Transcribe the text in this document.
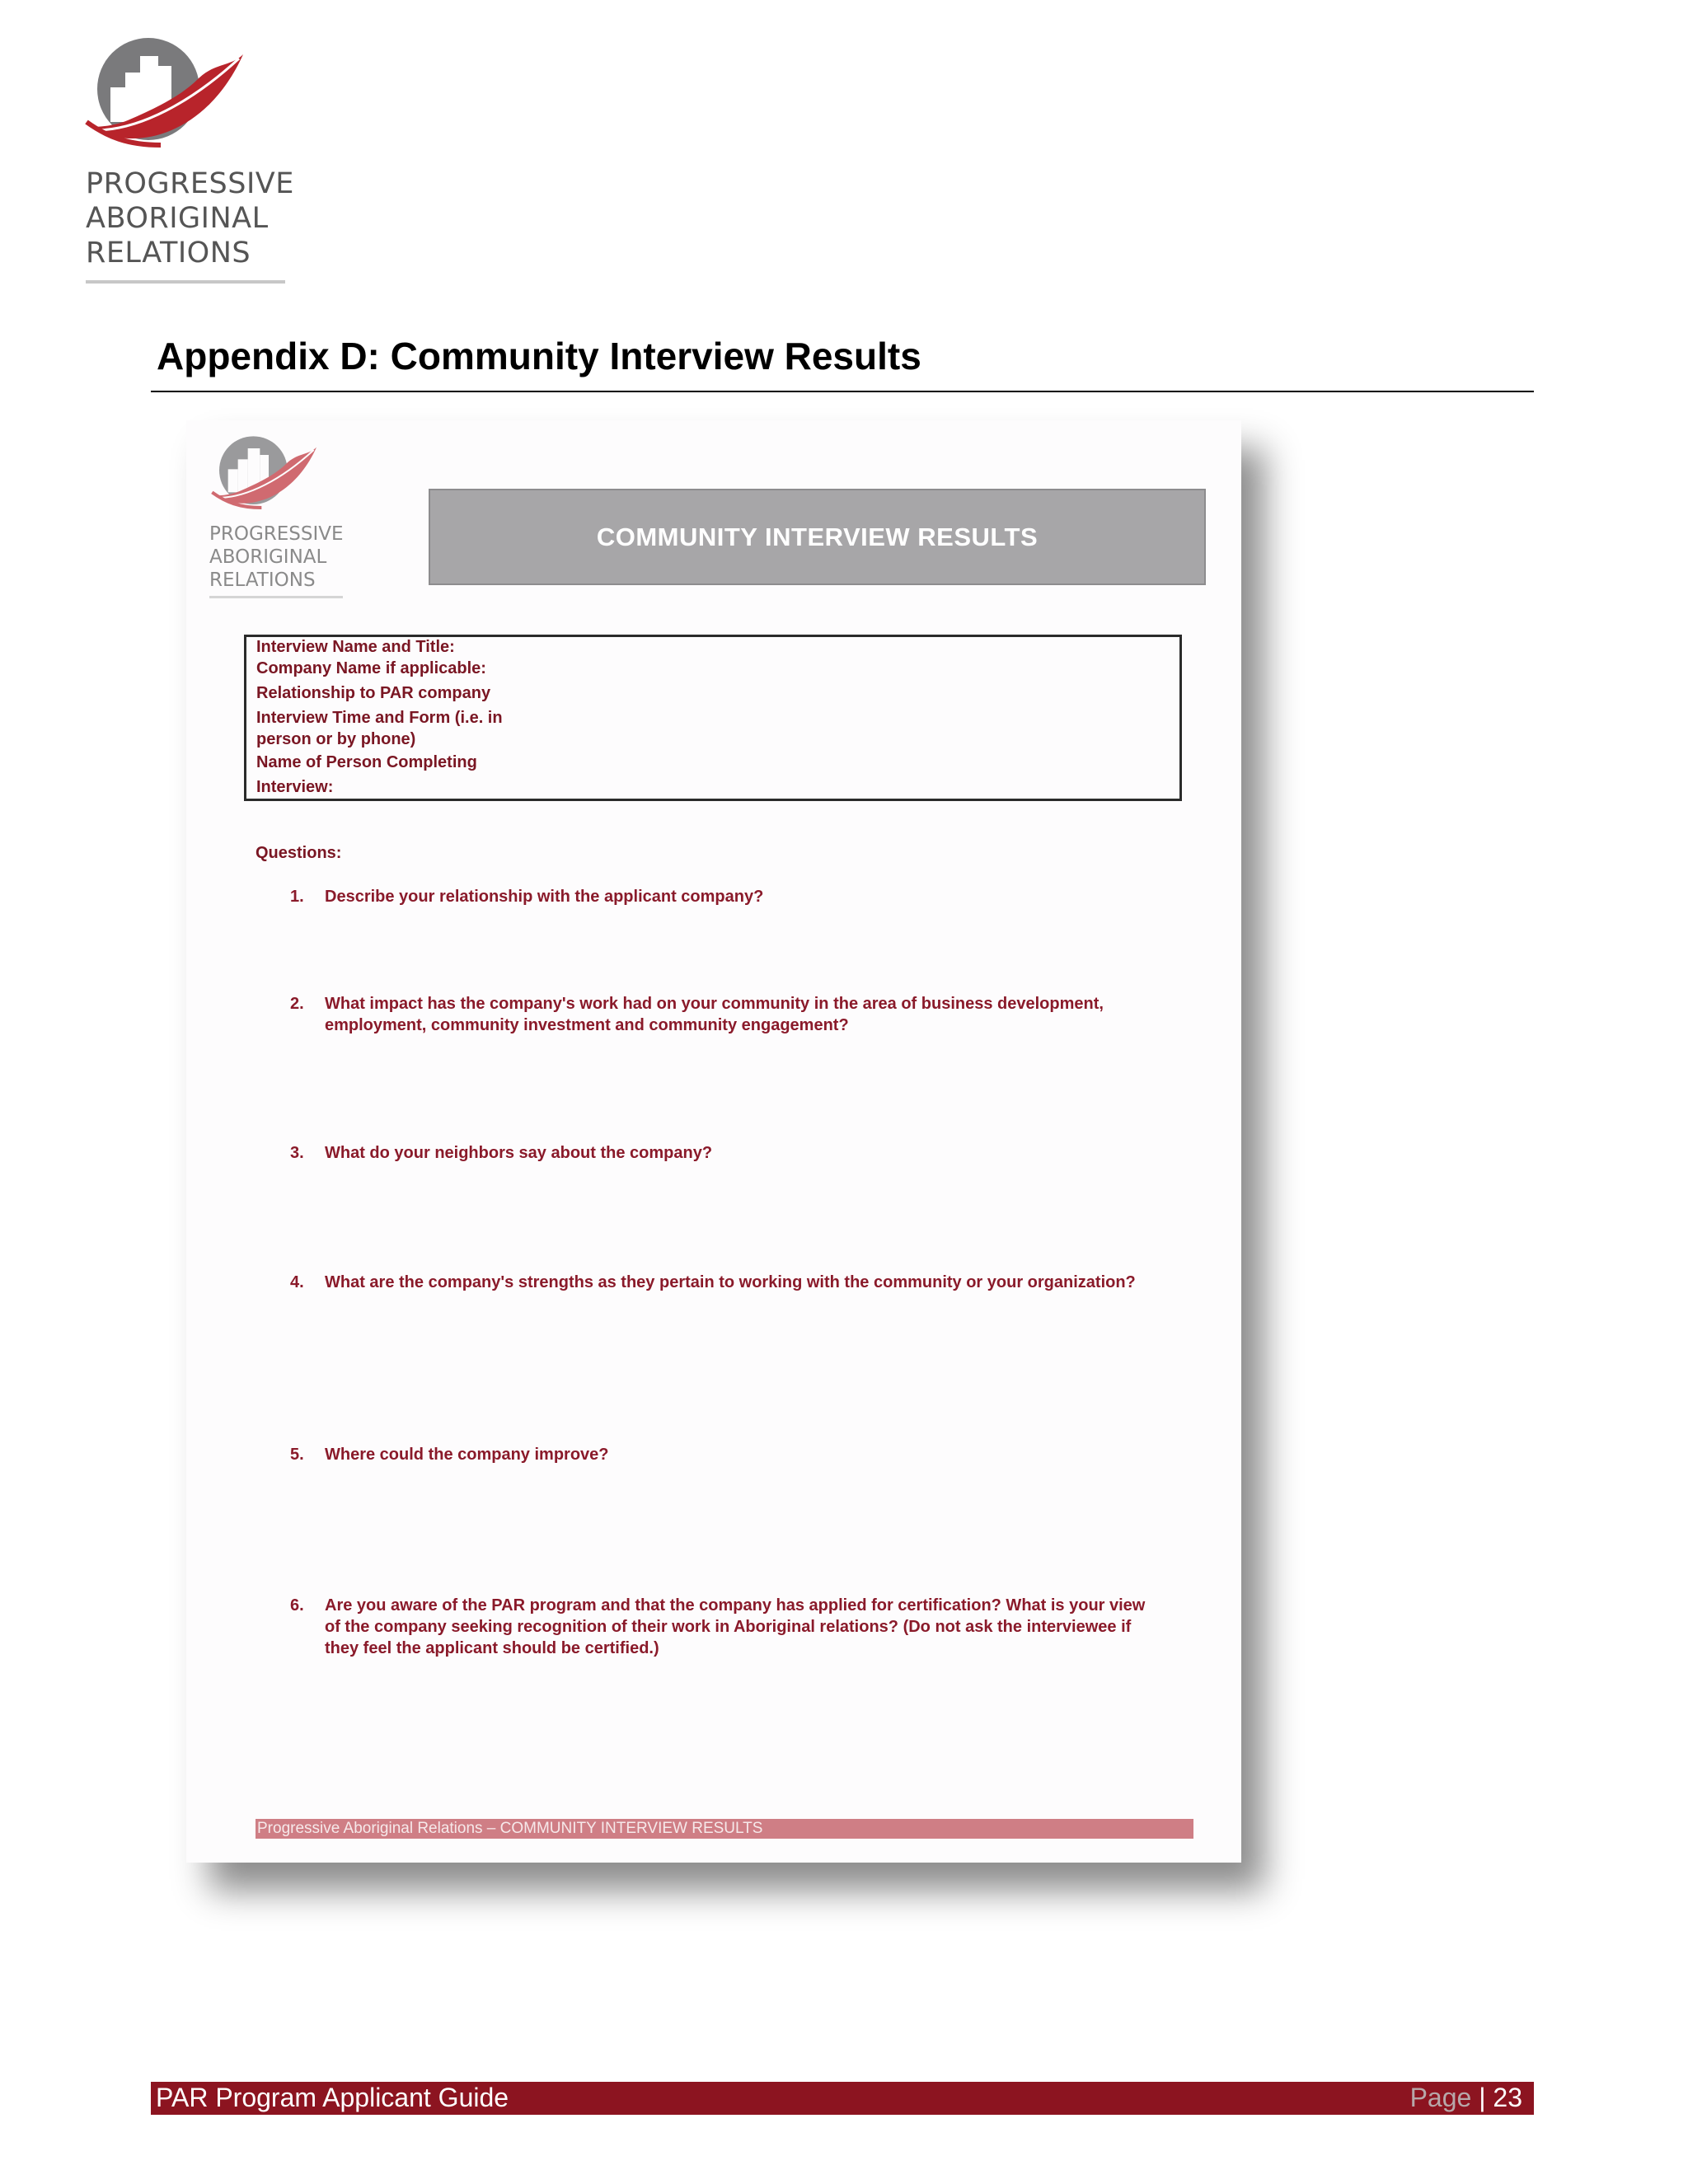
PROGRESSIVE
ABORIGINAL
RELATIONS
Appendix D: Community Interview Results
PROGRESSIVE
ABORIGINAL
RELATIONS
COMMUNITY INTERVIEW RESULTS
Interview Name and Title:
Company Name if applicable:
Relationship to PAR company
Interview Time and Form (i.e. in
person or by phone)
Name of Person Completing
Interview:
Questions:
1. Describe your relationship with the applicant company?
2. What impact has the company's work had on your community in the area of business development, employment, community investment and community engagement?
3. What do your neighbors say about the company?
4. What are the company's strengths as they pertain to working with the community or your organization?
5. Where could the company improve?
6. Are you aware of the PAR program and that the company has applied for certification? What is your view of the company seeking recognition of their work in Aboriginal relations? (Do not ask the interviewee if they feel the applicant should be certified.)
Progressive Aboriginal Relations – COMMUNITY INTERVIEW RESULTS
PAR Program Applicant Guide	Page | 23
